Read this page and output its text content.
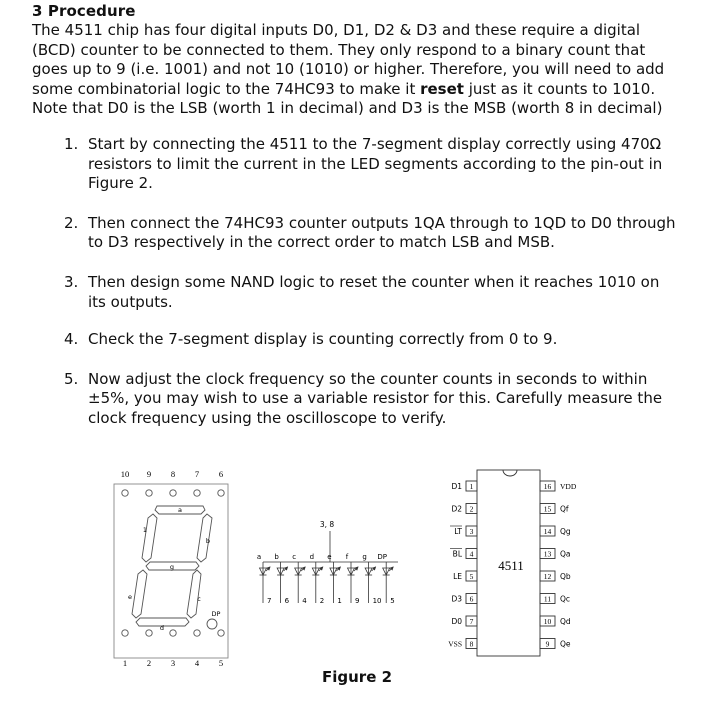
3 Procedure

The 4511 chip has four digital inputs D0, D1, D2 & D3 and these require a digital (BCD) counter to be connected to them. They only respond to a binary count that goes up to 9 (i.e. 1001) and not 10 (1010) or higher. Therefore, you will need to add some combinatorial logic to the 74HC93 to make it reset just as it counts to 1010. Note that D0 is the LSB (worth 1 in decimal) and D3 is the MSB (worth 8 in decimal)

1. Start by connecting the 4511 to the 7-segment display correctly using 470Ω resistors to limit the current in the LED segments according to the pin-out in Figure 2.
2. Then connect the 74HC93 counter outputs 1QA through to 1QD to D0 through to D3 respectively in the correct order to match LSB and MSB.
3. Then design some NAND logic to reset the counter when it reaches 1010 on its outputs.
4. Check the 7-segment display is counting correctly from 0 to 9.
5. Now adjust the clock frequency so the counter counts in seconds to within ±5%, you may wish to use a variable resistor for this. Carefully measure the clock frequency using the oscilloscope to verify.
10 9 8 7 6
1 2 3 4 5
a
b
c
d
e
g
DP
1
3, 8
a
7
b
6
c
4
d
2
e
1
f
9
g
10
DP
5
4511
1
D1
2
D2
3
LT
4
BL
5
LE
6
D3
7
D0
8
VSS
16 VDD
15 Qf
14 Qg
13 Qa
12 Qb
11 Qc
10 Qd
9 Qe
Figure 2
